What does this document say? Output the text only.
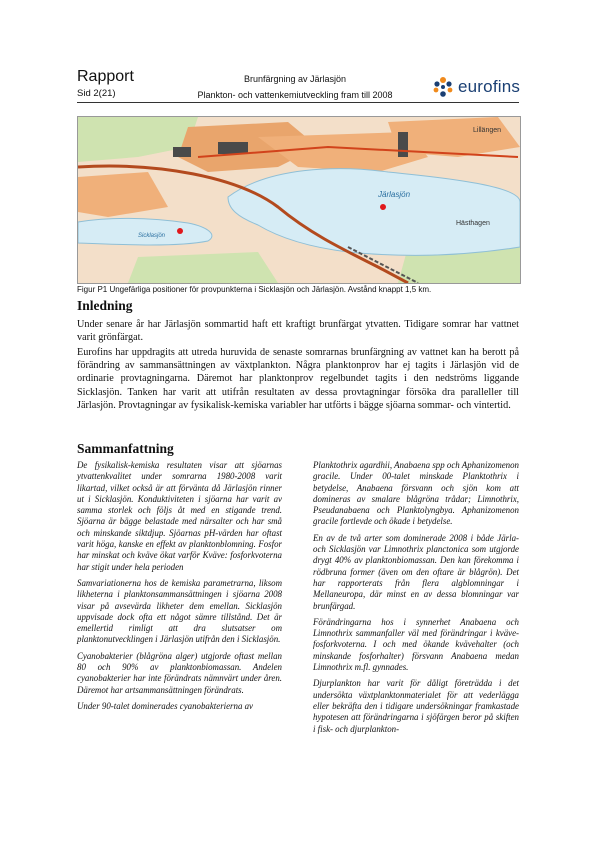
Rapport
Sid 2(21)
Brunfärgning av Järlasjön
Plankton- och vattenkemiutveckling fram till 2008	eurofins
Järlasjön
Lillängen
Hästhagen
Sicklasjön
Figur P1 Ungefärliga positioner för provpunkterna i Sicklasjön och Järlasjön. Avstånd knappt 1,5 km.
Inledning
Under senare år har Järlasjön sommartid haft ett kraftigt brunfärgat ytvatten. Tidigare somrar har vattnet varit grönfärgat.
Eurofins har uppdragits att utreda huruvida de senaste somrarnas brunfärgning av vattnet kan ha berott på förändring av sammansättningen av växtplankton. Några planktonprov har ej tagits i Järlasjön vid de ordinarie provtagningarna. Däremot har planktonprov regelbundet tagits i den nedströms liggande Sicklasjön. Tanken har varit att utifrån resultaten av dessa provtagningar försöka dra paralleller till Järlasjön. Provtagningar av fysikalisk-kemiska variabler har utförts i bägge sjöarna sommar- och vintertid.
Sammanfattning

De fysikalisk-kemiska resultaten visar att sjöarnas ytvattenkvalitet under somrarna 1980-2008 varit likartad, vilket också är att förvänta då Järlasjön rinner ut i Sicklasjön. Konduktiviteten i sjöarna har varit av samma storlek och följs åt med en stigande trend. Sjöarna är bägge belastade med närsalter och har små och minskande siktdjup. Sjöarnas pH-värden har oftast varit höga, kanske en effekt av planktonblomning. Fosfor har minskat och kväve ökat varför Kväve: fosforkvoterna har stigit under hela perioden

Samvariationerna hos de kemiska parametrarna, liksom likheterna i planktonsammansättningen i sjöarna 2008 visar på avsevärda likheter dem emellan. Sicklasjön uppvisade dock ofta ett något sämre tillstånd. Det är emellertid rimligt att dra slutsatser om planktonutvecklingen i Järlasjön utifrån den i Sicklasjön.

Cyanobakterier (blågröna alger) utgjorde oftast mellan 80 och 90% av planktonbiomassan. Andelen cyanobakterier har inte förändrats nämnvärt under åren. Däremot har artsammansättningen förändrats.

Under 90-talet dominerades cyanobakterierna av

Planktothrix agardhii, Anabaena spp och Aphanizomenon gracile. Under 00-talet minskade Planktothrix i betydelse, Anabaena försvann och sjön kom att domineras av smalare blågröna trådar; Limnothrix, Pseudanabaena och Planktolyngbya. Aphanizomenon gracile fortlevde och ökade i betydelse.

En av de två arter som dominerade 2008 i både Järla- och Sicklasjön var Limnothrix planctonica som utgjorde drygt 40% av planktonbiomassan. Den kan förekomma i rödbruna former (även om den oftare är blågrön). Det har rapporterats från flera algblomningar i Mellaneuropa, där minst en av dessa blomningar var brunfärgad.

Förändringarna hos i synnerhet Anabaena och Limnothrix sammanfaller väl med förändringar i kväve-fosforkvoterna. I och med ökande kvävehalter (och minskande fosforhalter) försvann Anabaena medan Limnothrix m.fl. gynnades.

Djurplankton har varit för dåligt företrädda i det undersökta växtplanktonmaterialet för att vederlägga eller bekräfta den i tidigare undersökningar framkastade hypotesen att förändringarna i sjöfärgen beror på skiften i fisk- och djurplankton-
